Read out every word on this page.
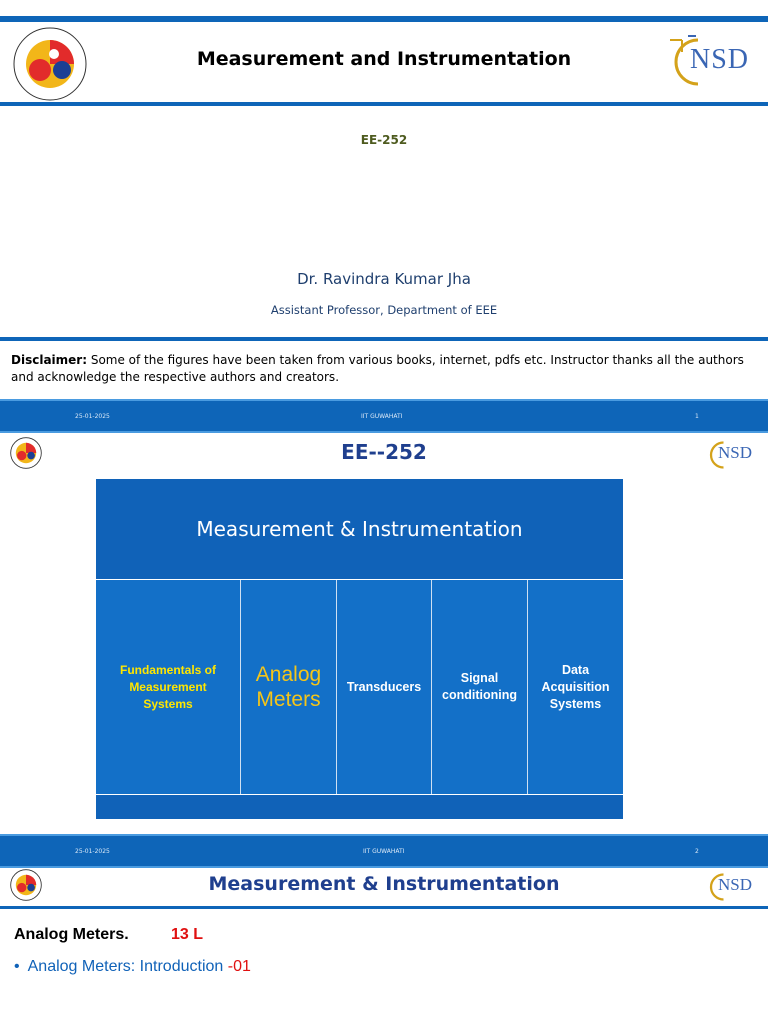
Measurement and Instrumentation	NSD
EE-252
Dr. Ravindra Kumar Jha
Assistant Professor, Department of EEE
Disclaimer: Some of the figures have been taken from various books, internet, pdfs etc. Instructor thanks all the authors and acknowledge the respective authors and creators.
25-01-2025	IIT GUWAHATI	1
EE--252	NSD
Measurement & Instrumentation
Fundamentals of Measurement Systems
Analog Meters
Transducers
Signal conditioning
Data Acquisition Systems
25-01-2025	IIT GUWAHATI	2
Measurement & Instrumentation	NSD
Analog Meters.	13 L
• Analog Meters: Introduction -01
